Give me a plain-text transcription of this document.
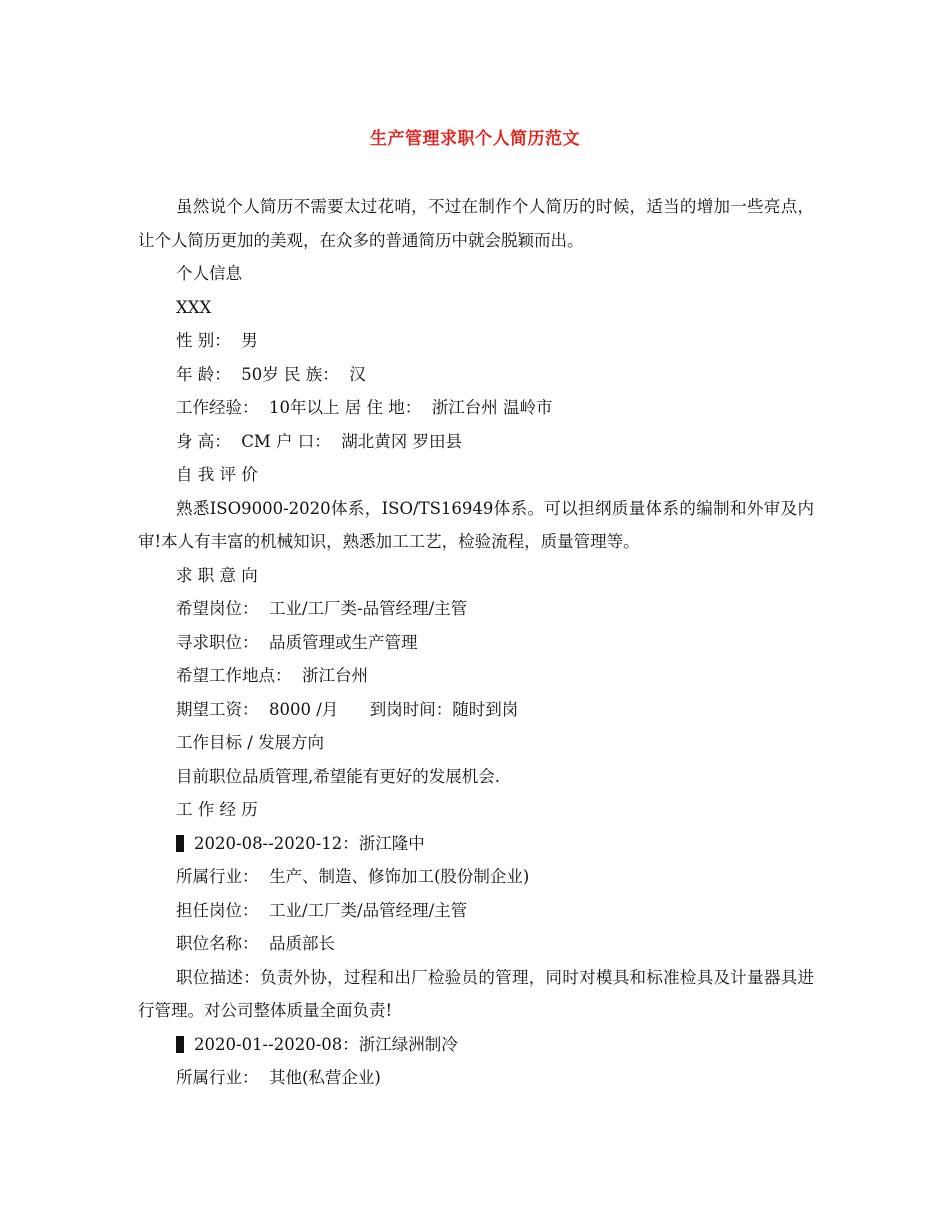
生产管理求职个人简历范文
虽然说个人简历不需要太过花哨，不过在制作个人简历的时候，适当的增加一些亮点，让个人简历更加的美观，在众多的普通简历中就会脱颖而出。
个人信息
XXX
性 别：  男
年 龄：  50岁 民 族：  汉
工作经验：  10年以上 居 住 地：  浙江台州 温岭市
身 高：  CM 户 口：  湖北黄冈 罗田县
自 我 评 价
熟悉ISO9000-2020体系，ISO/TS16949体系。可以担纲质量体系的编制和外审及内审!本人有丰富的机械知识，熟悉加工工艺，检验流程，质量管理等。
求 职 意 向
希望岗位：  工业/工厂类-品管经理/主管
寻求职位：  品质管理或生产管理
希望工作地点：  浙江台州
期望工资：  8000 /月      到岗时间：随时到岗
工作目标 / 发展方向
目前职位品质管理,希望能有更好的发展机会.
工 作 经 历
2020-08--2020-12：浙江隆中
所属行业：  生产、制造、修饰加工(股份制企业)
担任岗位：  工业/工厂类/品管经理/主管
职位名称：  品质部长
职位描述：负责外协，过程和出厂检验员的管理，同时对模具和标准检具及计量器具进行管理。对公司整体质量全面负责!
2020-01--2020-08：浙江绿洲制冷
所属行业：  其他(私营企业)
